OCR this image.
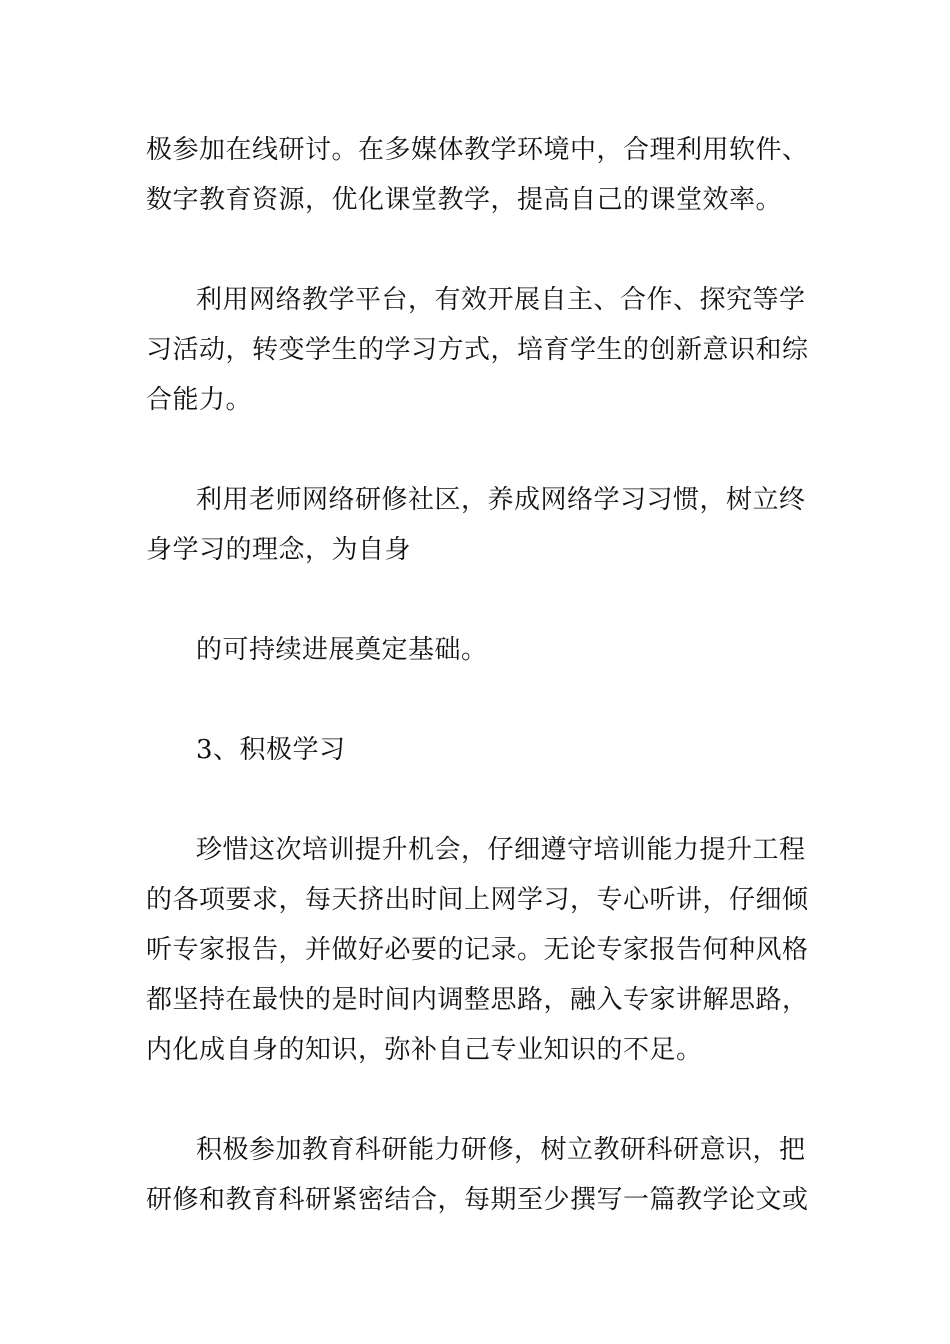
极参加在线研讨。在多媒体教学环境中，合理利用软件、
数字教育资源，优化课堂教学，提高自己的课堂效率。
利用网络教学平台，有效开展自主、合作、探究等学
习活动，转变学生的学习方式，培育学生的创新意识和综
合能力。
利用老师网络研修社区，养成网络学习习惯，树立终
身学习的理念，为自身
的可持续进展奠定基础。
3、积极学习
珍惜这次培训提升机会，仔细遵守培训能力提升工程
的各项要求，每天挤出时间上网学习，专心听讲，仔细倾
听专家报告，并做好必要的记录。无论专家报告何种风格
都坚持在最快的是时间内调整思路，融入专家讲解思路，
内化成自身的知识，弥补自己专业知识的不足。
积极参加教育科研能力研修，树立教研科研意识，把
研修和教育科研紧密结合，每期至少撰写一篇教学论文或
